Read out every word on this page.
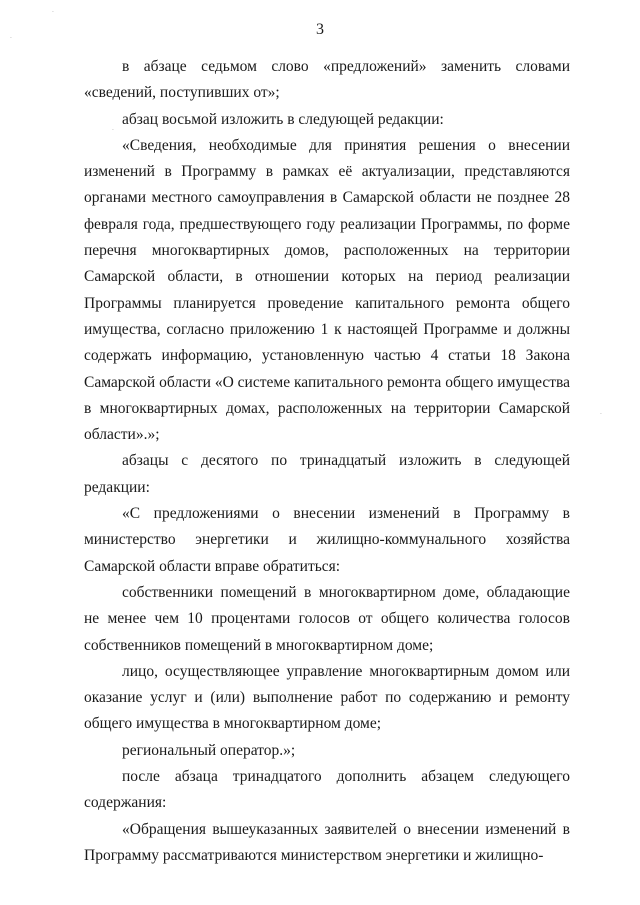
·
·
·
·
3

в абзаце седьмом слово «предложений» заменить словами «сведений, поступивших от»;

абзац восьмой изложить в следующей редакции:

«Сведения, необходимые для принятия решения о внесении изменений в Программу в рамках её актуализации, представляются органами местного самоуправления в Самарской области не позднее 28 февраля года, предшествующего году реализации Программы, по форме перечня многоквартирных домов, расположенных на территории Самарской области, в отношении которых на период реализации Программы планируется проведение капитального ремонта общего имущества, согласно приложению 1 к настоящей Программе и должны содержать информацию, установленную частью 4 статьи 18 Закона Самарской области «О системе капитального ремонта общего имущества в многоквартирных домах, расположенных на территории Самарской области».»;

абзацы с десятого по тринадцатый изложить в следующей редакции:

«С предложениями о внесении изменений в Программу в министерство энергетики и жилищно-коммунального хозяйства Самарской области вправе обратиться:

собственники помещений в многоквартирном доме, обладающие не менее чем 10 процентами голосов от общего количества голосов собственников помещений в многоквартирном доме;

лицо, осуществляющее управление многоквартирным домом или оказание услуг и (или) выполнение работ по содержанию и ремонту общего имущества в многоквартирном доме;

региональный оператор.»;

после абзаца тринадцатого дополнить абзацем следующего содержания:

«Обращения вышеуказанных заявителей о внесении изменений в Программу рассматриваются министерством энергетики и жилищно-
